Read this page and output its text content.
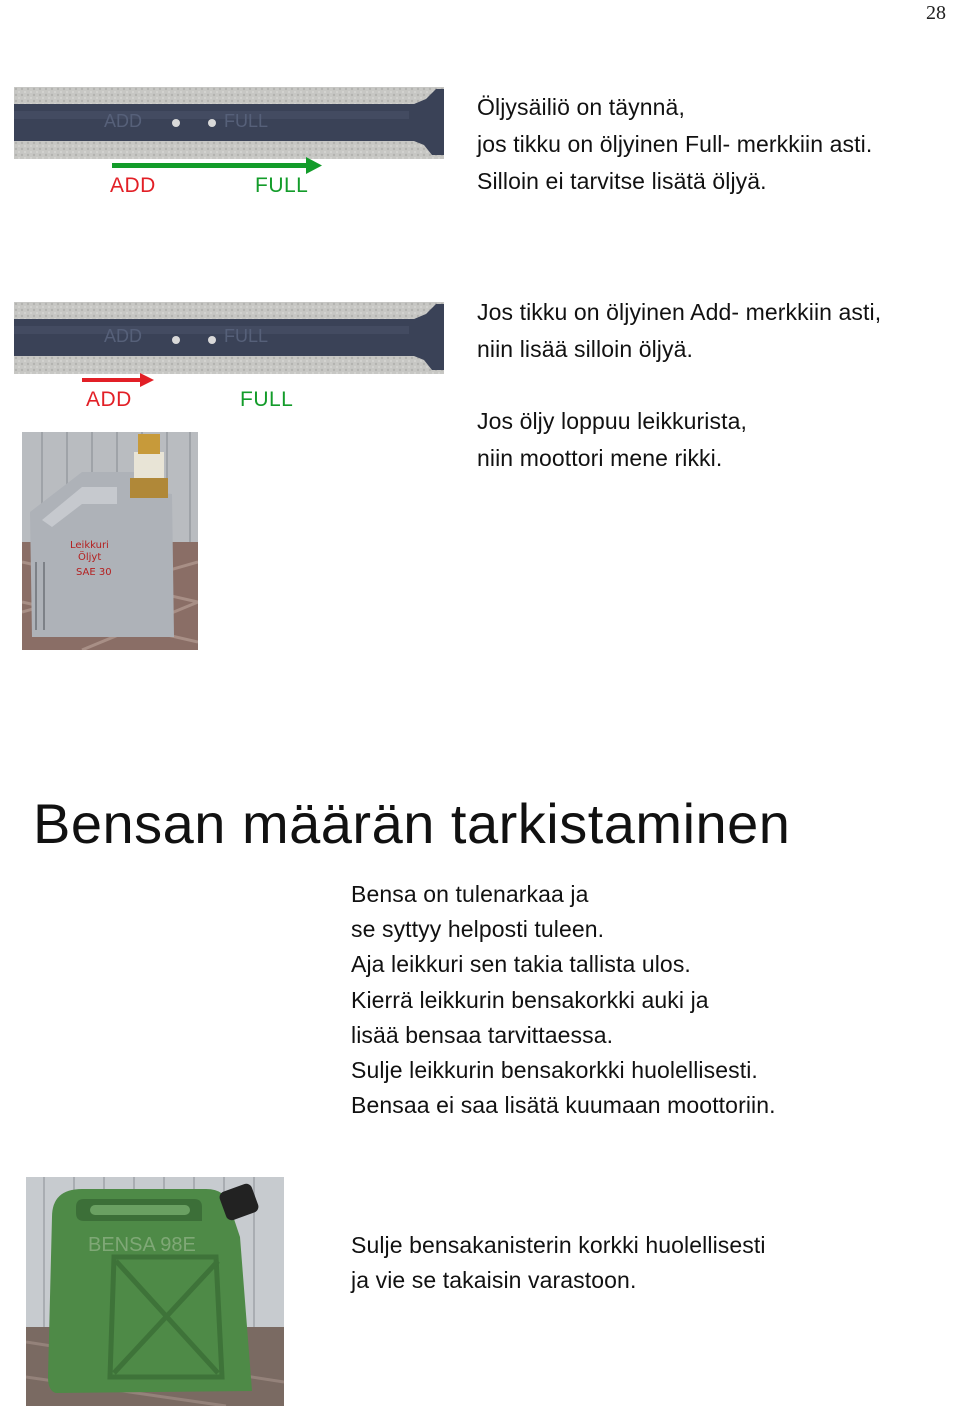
28
ADD	FULL
ADD	FULL
Öljysäiliö on täynnä,
jos tikku on öljyinen Full- merkkiin asti.
Silloin ei tarvitse lisätä öljyä.
ADD	FULL
ADD	FULL
Jos tikku on öljyinen Add- merkkiin asti,
niin lisää silloin öljyä.
Jos öljy loppuu leikkurista,
niin moottori mene rikki.
Leikkuri
Öljyt
SAE 30
Bensan määrän tarkistaminen
Bensa on tulenarkaa ja
se syttyy helposti tuleen.
Aja leikkuri sen takia tallista ulos.
Kierrä leikkurin bensakorkki auki ja
lisää bensaa tarvittaessa.
Sulje leikkurin bensakorkki huolellisesti.
Bensaa ei saa lisätä kuumaan moottoriin.
BENSA 98E	Sulje bensakanisterin korkki huolellisesti
ja vie se takaisin varastoon.
